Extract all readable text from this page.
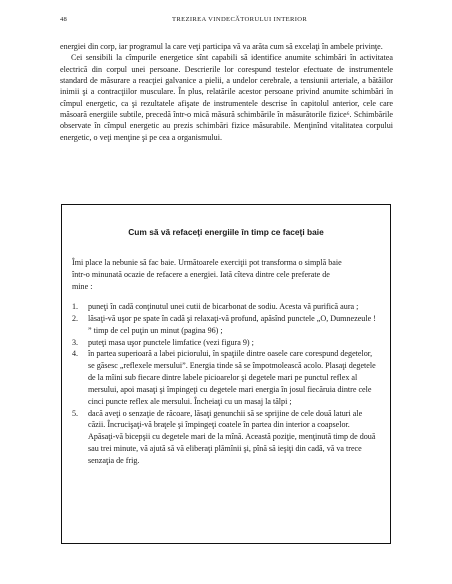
48	TREZIREA VINDECĂTORULUI INTERIOR

energiei din corp, iar programul la care veţi participa vă va arăta cum să excelaţi în ambele privinţe.

Cei sensibili la cîmpurile energetice sînt capabili să identifice anumite schimbări în activitatea electrică din corpul unei persoane. Descrierile lor corespund testelor efectuate de instrumentele standard de măsurare a reacţiei galvanice a pielii, a undelor cerebrale, a tensiunii arteriale, a bătăilor inimii şi a contracţiilor musculare. În plus, relatările acestor persoane privind anumite schimbări în cîmpul energetic, ca şi rezultatele afişate de instrumentele descrise în capitolul anterior, cele care măsoară energiile subtile, precedă într-o mică măsură schimbările în măsurătorile fizice⁶. Schimbările observate în cîmpul energetic au prezis schimbări fizice măsurabile. Menţinînd vitalitatea corpului energetic, o veţi menţine şi pe cea a organismului.

Cum să vă refaceţi energiile în timp ce faceţi baie

Îmi place la nebunie să fac baie. Următoarele exerciţii pot transforma o simplă baie într-o minunată ocazie de refacere a energiei. Iată cîteva dintre cele preferate de mine :

1. puneţi în cadă conţinutul unei cutii de bicarbonat de sodiu. Acesta vă purifică aura ;
2. lăsaţi-vă uşor pe spate în cadă şi relaxaţi-vă profund, apăsînd punctele „O, Dumnezeule ! ” timp de cel puţin un minut (pagina 96) ;
3. puteţi masa uşor punctele limfatice (vezi figura 9) ;
4. în partea superioară a labei piciorului, în spaţiile dintre oasele care corespund degetelor, se găsesc „reflexele mersului”. Energia tinde să se împotmolească acolo. Plasaţi degetele de la mîini sub fiecare dintre labele picioarelor şi degetele mari pe punctul reflex al mersului, apoi masaţi şi împingeţi cu degetele mari energia în josul fiecăruia dintre cele cinci puncte reflex ale mersului. Încheiaţi cu un masaj la tălpi ;
5. dacă aveţi o senzaţie de răcoare, lăsaţi genunchii să se sprijine de cele două laturi ale căzii. Încrucişaţi-vă braţele şi împingeţi coatele în partea din interior a coapselor. Apăsaţi-vă bicepşii cu degetele mari de la mînă. Această poziţie, menţinută timp de două sau trei minute, vă ajută să vă eliberaţi plămînii şi, pînă să ieşiţi din cadă, vă va trece senzaţia de frig.
